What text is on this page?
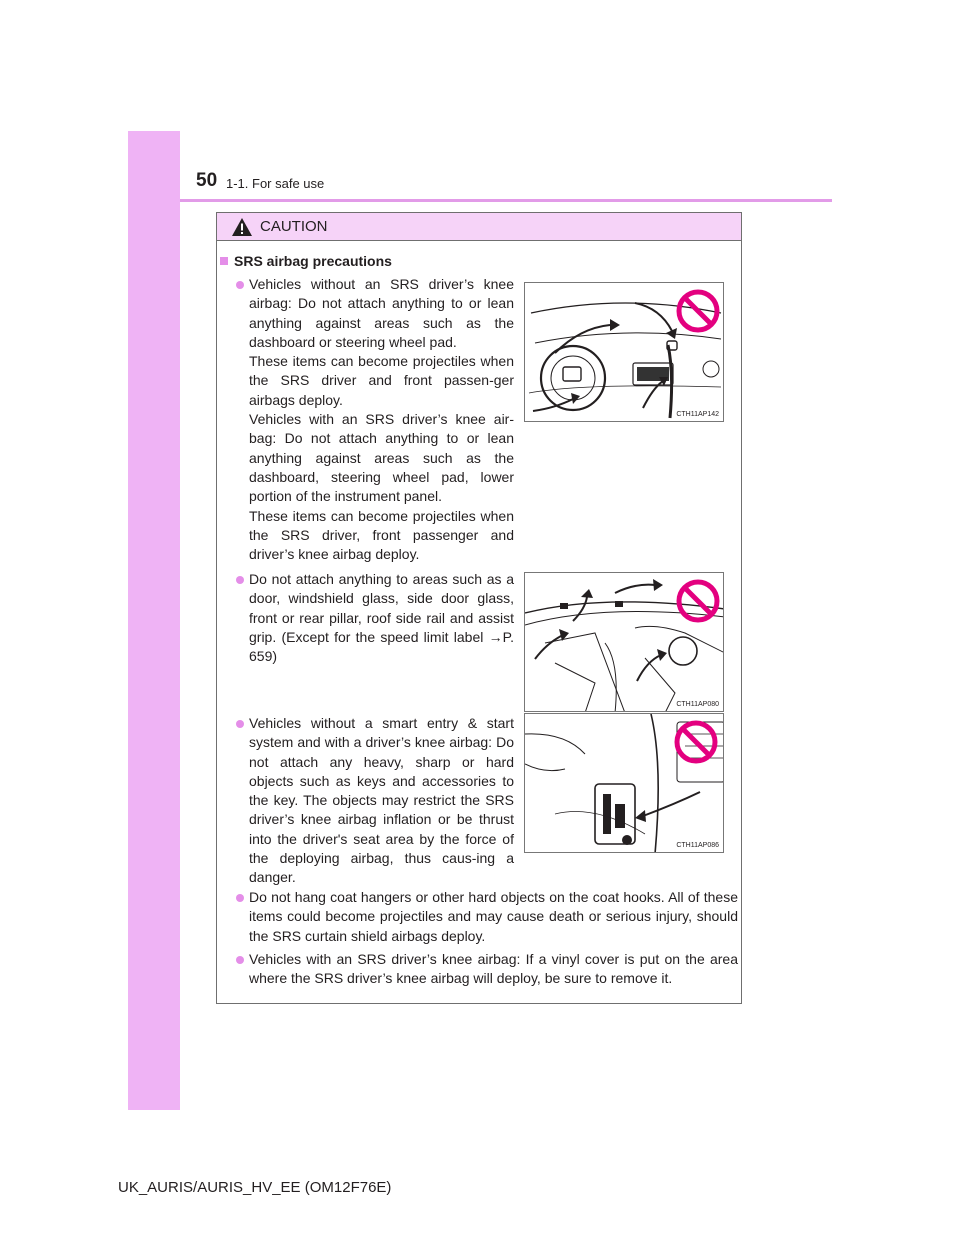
50 1-1. For safe use
CAUTION
SRS airbag precautions

Vehicles without an SRS driver’s knee airbag: Do not attach anything to or lean anything against areas such as the dashboard or steering wheel pad.

These items can become projectiles when the SRS driver and front passen-ger airbags deploy.

Vehicles with an SRS driver’s knee air-bag: Do not attach anything to or lean anything against areas such as the dashboard, steering wheel pad, lower portion of the instrument panel.

These items can become projectiles when the SRS driver, front passenger and driver’s knee airbag deploy.

CTH11AP142

Do not attach anything to areas such as a door, windshield glass, side door glass, front or rear pillar, roof side rail and assist grip. (Except for the speed limit label →P. 659)

CTH11AP080

Vehicles without a smart entry & start system and with a driver’s knee airbag: Do not attach any heavy, sharp or hard objects such as keys and accessories to the key. The objects may restrict the SRS driver’s knee airbag inflation or be thrust into the driver's seat area by the force of the deploying airbag, thus caus-ing a danger.

CTH11AP086

Do not hang coat hangers or other hard objects on the coat hooks. All of these items could become projectiles and may cause death or serious injury, should the SRS curtain shield airbags deploy.

Vehicles with an SRS driver’s knee airbag: If a vinyl cover is put on the area where the SRS driver’s knee airbag will deploy, be sure to remove it.

UK_AURIS/AURIS_HV_EE (OM12F76E)
